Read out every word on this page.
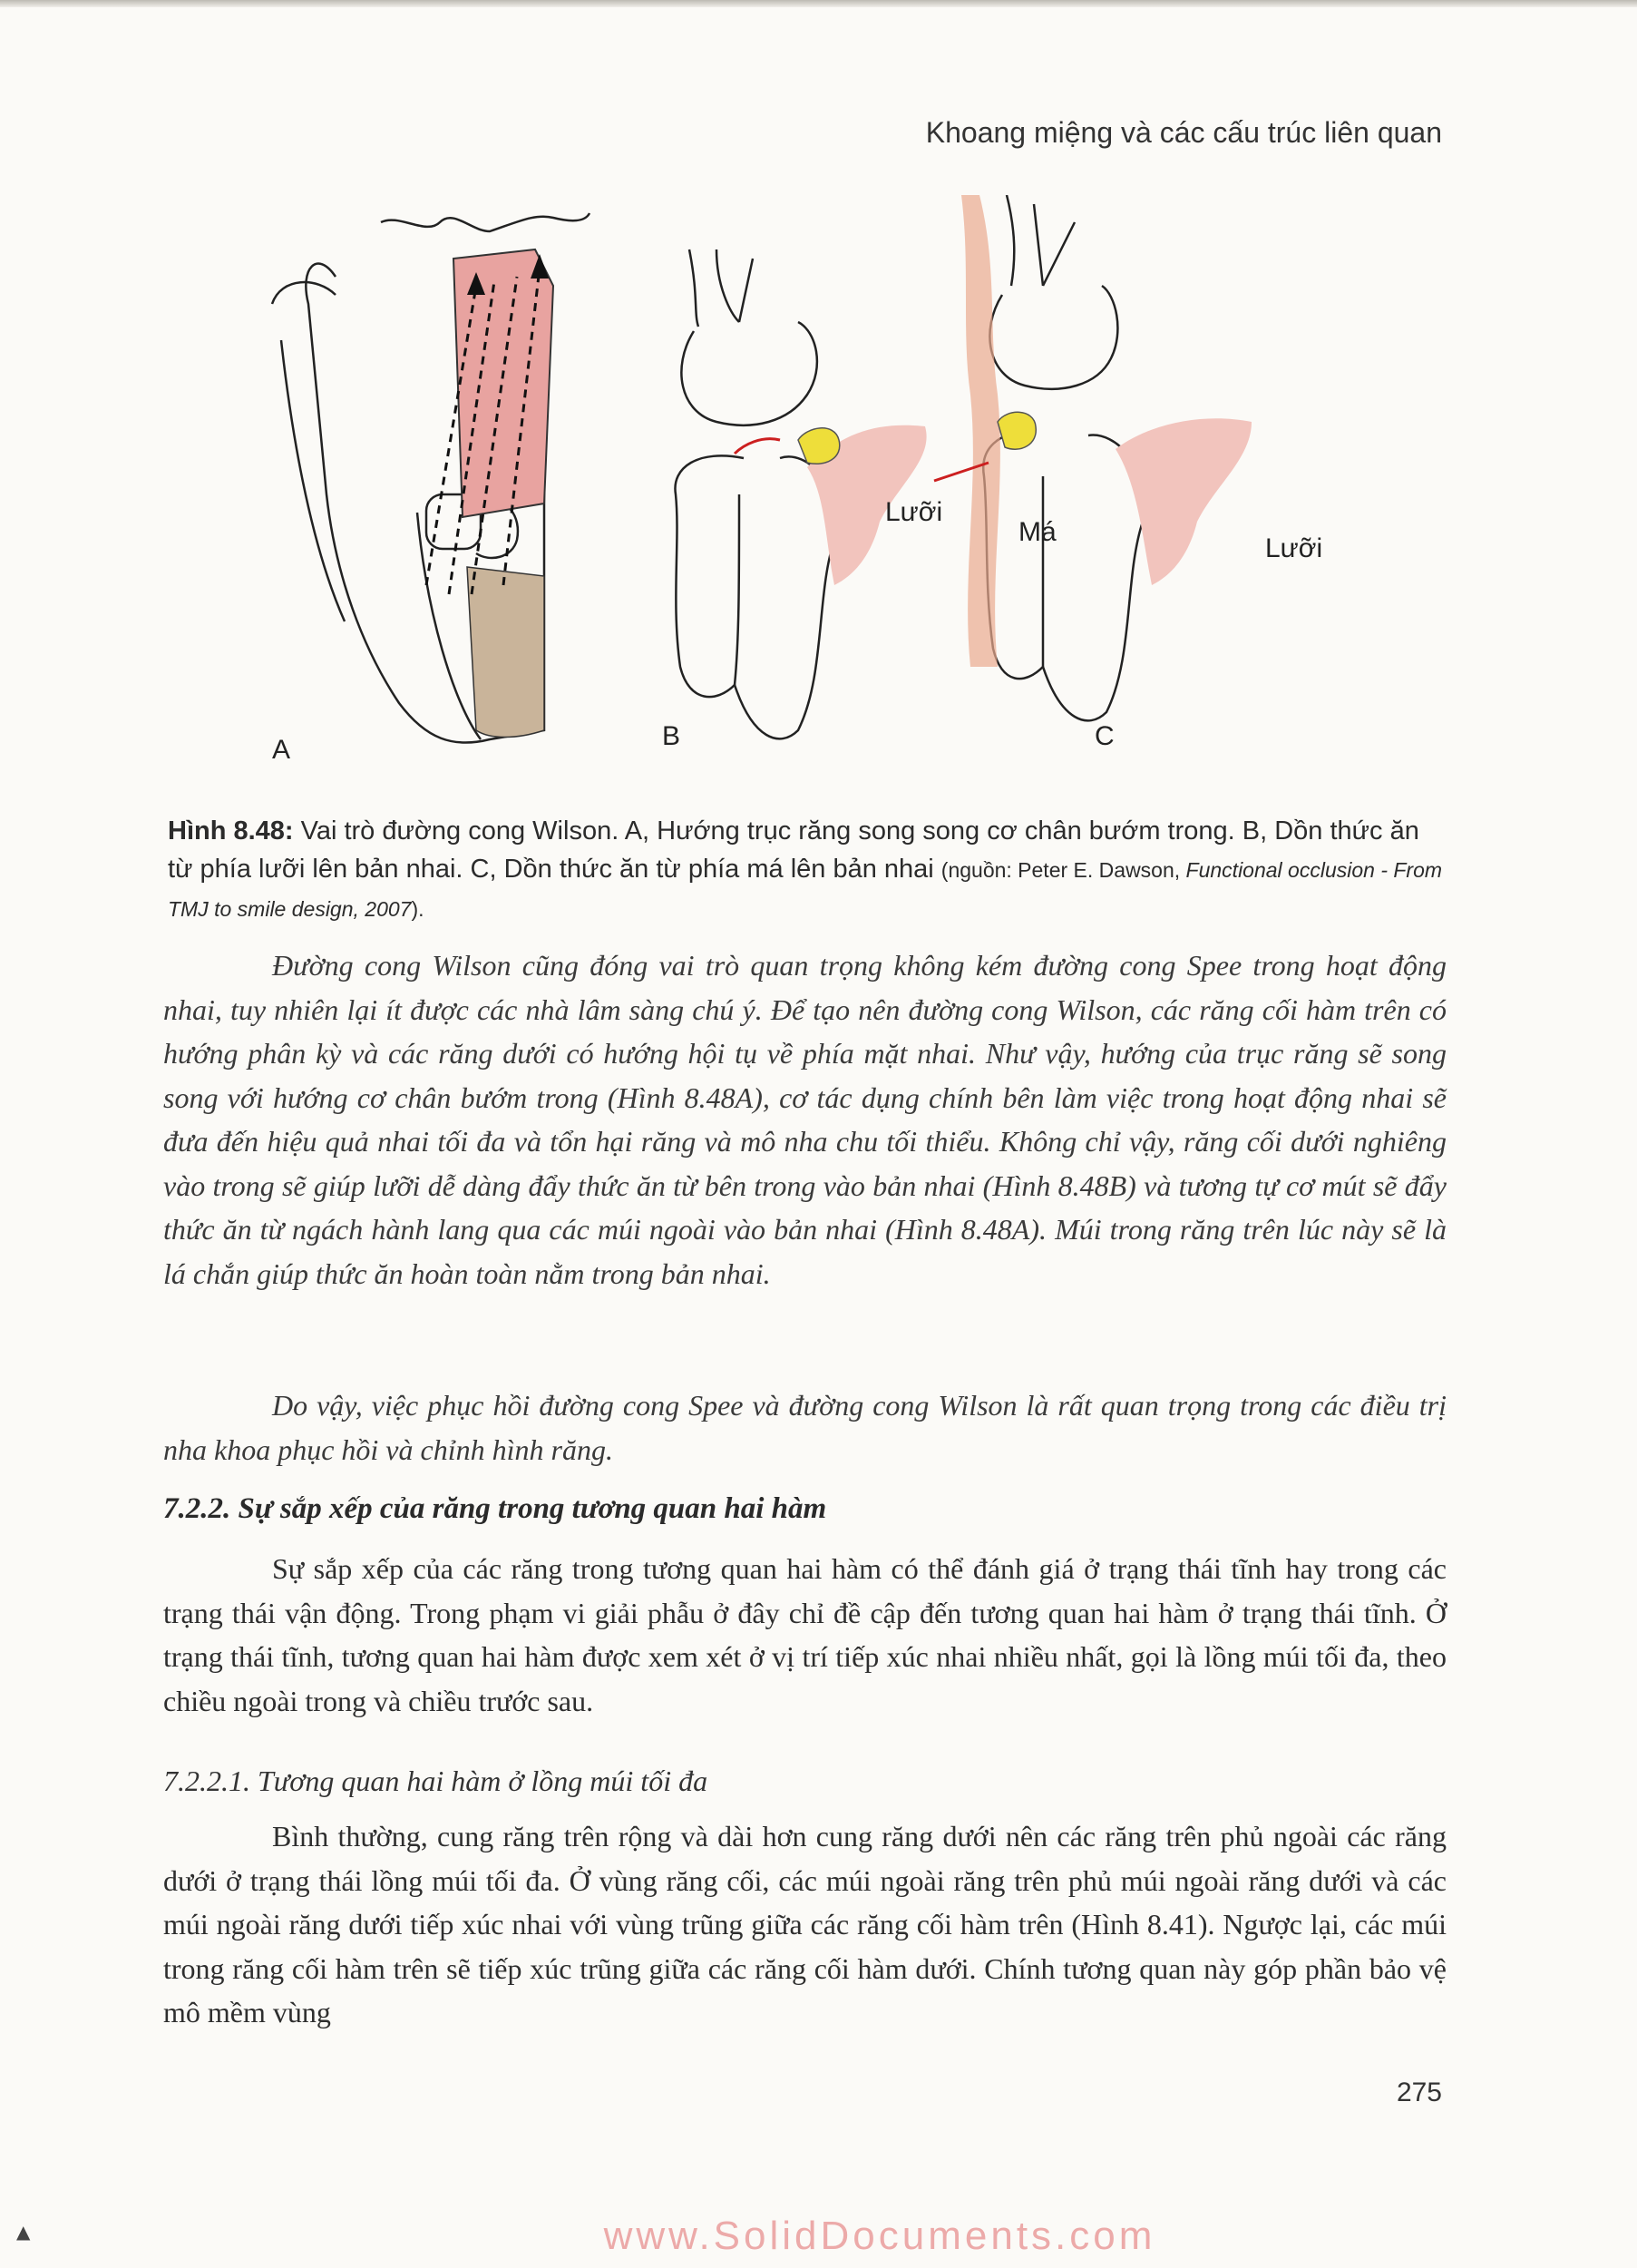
Khoang miệng và các cấu trúc liên quan
A	B	C
Lưỡi
Má
Lưỡi
Hình 8.48: Vai trò đường cong Wilson. A, Hướng trục răng song song cơ chân bướm trong. B, Dồn thức ăn từ phía lưỡi lên bản nhai. C, Dồn thức ăn từ phía má lên bản nhai (nguồn: Peter E. Dawson, Functional occlusion - From TMJ to smile design, 2007).

Đường cong Wilson cũng đóng vai trò quan trọng không kém đường cong Spee trong hoạt động nhai, tuy nhiên lại ít được các nhà lâm sàng chú ý. Để tạo nên đường cong Wilson, các răng cối hàm trên có hướng phân kỳ và các răng dưới có hướng hội tụ về phía mặt nhai. Như vậy, hướng của trục răng sẽ song song với hướng cơ chân bướm trong (Hình 8.48A), cơ tác dụng chính bên làm việc trong hoạt động nhai sẽ đưa đến hiệu quả nhai tối đa và tổn hại răng và mô nha chu tối thiểu. Không chỉ vậy, răng cối dưới nghiêng vào trong sẽ giúp lưỡi dễ dàng đẩy thức ăn từ bên trong vào bản nhai (Hình 8.48B) và tương tự cơ mút sẽ đẩy thức ăn từ ngách hành lang qua các múi ngoài vào bản nhai (Hình 8.48A). Múi trong răng trên lúc này sẽ là lá chắn giúp thức ăn hoàn toàn nằm trong bản nhai.

Do vậy, việc phục hồi đường cong Spee và đường cong Wilson là rất quan trọng trong các điều trị nha khoa phục hồi và chỉnh hình răng.

7.2.2. Sự sắp xếp của răng trong tương quan hai hàm

Sự sắp xếp của các răng trong tương quan hai hàm có thể đánh giá ở trạng thái tĩnh hay trong các trạng thái vận động. Trong phạm vi giải phẫu ở đây chỉ đề cập đến tương quan hai hàm ở trạng thái tĩnh. Ở trạng thái tĩnh, tương quan hai hàm được xem xét ở vị trí tiếp xúc nhai nhiều nhất, gọi là lồng múi tối đa, theo chiều ngoài trong và chiều trước sau.

7.2.2.1. Tương quan hai hàm ở lồng múi tối đa

Bình thường, cung răng trên rộng và dài hơn cung răng dưới nên các răng trên phủ ngoài các răng dưới ở trạng thái lồng múi tối đa. Ở vùng răng cối, các múi ngoài răng trên phủ múi ngoài răng dưới và các múi ngoài răng dưới tiếp xúc nhai với vùng trũng giữa các răng cối hàm trên (Hình 8.41). Ngược lại, các múi trong răng cối hàm trên sẽ tiếp xúc trũng giữa các răng cối hàm dưới. Chính tương quan này góp phần bảo vệ mô mềm vùng

275
www.SolidDocuments.com
▲
